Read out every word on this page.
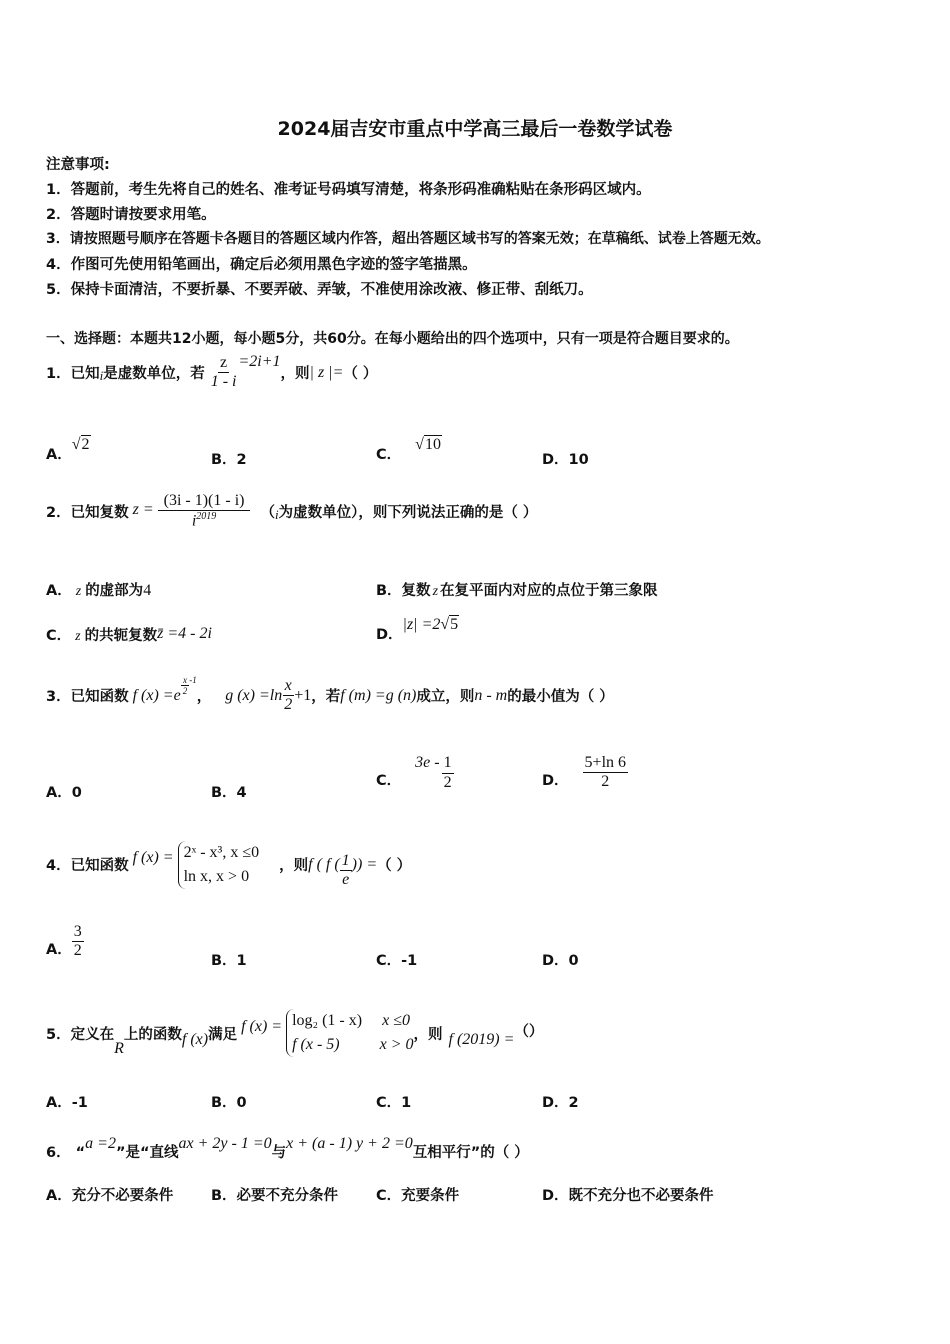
2024届吉安市重点中学高三最后一卷数学试卷
注意事项:
1．答题前，考生先将自己的姓名、准考证号码填写清楚，将条形码准确粘贴在条形码区域内。
2．答题时请按要求用笔。
3．请按照题号顺序在答题卡各题目的答题区域内作答，超出答题区域书写的答案无效；在草稿纸、试卷上答题无效。
4．作图可先使用铅笔画出，确定后必须用黑色字迹的签字笔描黑。
5．保持卡面清洁，不要折暴、不要弄破、弄皱，不准使用涂改液、修正带、刮纸刀。
一、选择题：本题共12小题，每小题5分，共60分。在每小题给出的四个选项中，只有一项是符合题目要求的。
1．已知 i 是虚数单位，若 $\frac{z}{1 - i} =2i+1$
，则 | z |= （ ）
A．√2
B．2	C．√10
D．10
2．已知复数 $z = \frac{(3i - 1)(1 - i)}{i^{2019}}$ （ i 为虚数单位），则下列说法正确的是（ ）
A． z 的虚部为4	B．复数 z 在复平面内对应的点位于第三象限
C． z 的共轭复数z̄ =4 - 2i	D．|z| =2√5
3．已知函数 f $(x) =e \frac{x}{2} -1$
， g $(x) =\ln \frac{x}{2} +1$ ，若 f (m) =g (n) 成立，则 n - m 的最小值为（ ）
A．0	B．4
C．
$3e - \frac{1}{2}$	D． $\frac{5+\ln 6}{2}$
4．已知函数
f (x) = 2ˣ - x³, x ≤0
ln x, x > 0
，则 f ( f ( $\frac{1}{e}$ )) = （ ）
A． $\frac{3}{2}$
B．1	C．-1	D．0
5．定义在
R
上的函数 f (x) 满足 f (x) = log₂ (1 - x) x ≤0
f (x - 5)	x > 0
，则 f (2019) = （）
A．-1	B．0	C．1	D．2
6． “
a =2
”是“直线
ax + 2y - 1 =0
与
x + (a - 1) y + 2 =0
互相平行”的（ ）
A．充分不必要条件	B．必要不充分条件	C．充要条件	D．既不充分也不必要条件
